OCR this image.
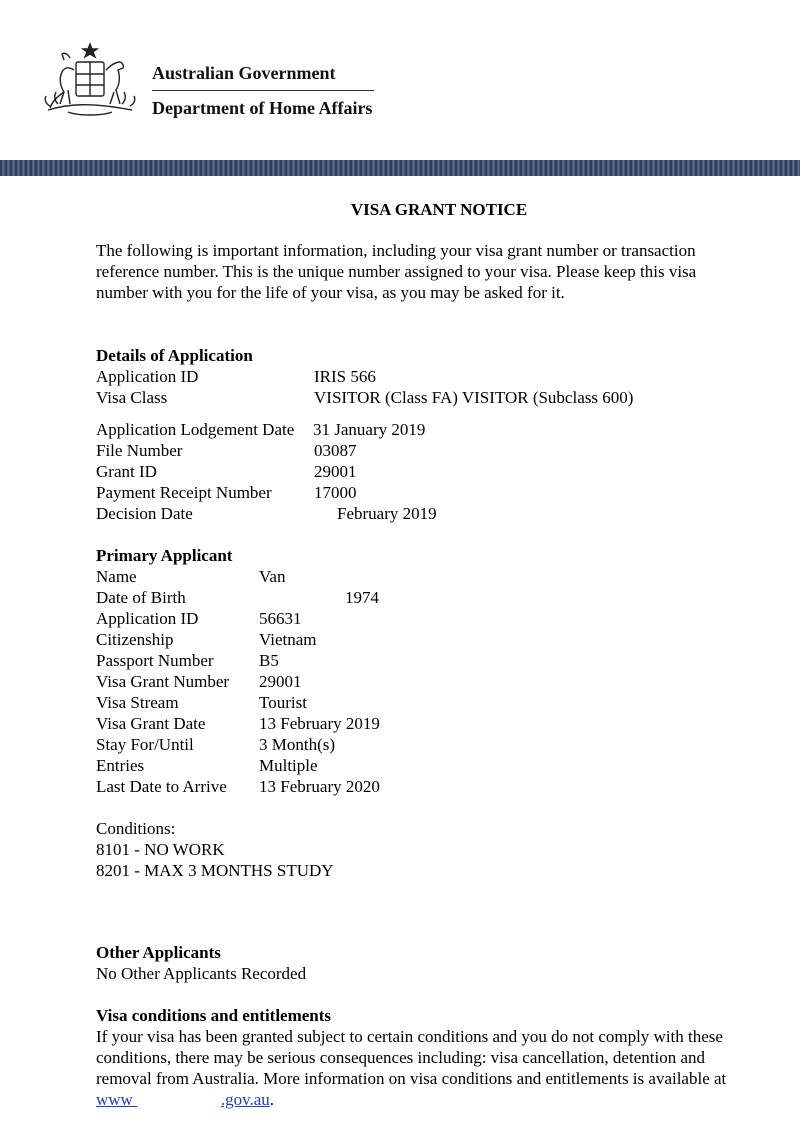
Australian Government
Department of Home Affairs
VISA GRANT NOTICE
The following is important information, including your visa grant number or transaction
reference number. This is the unique number assigned to your visa. Please keep this visa
number with you for the life of your visa, as you may be asked for it.
Details of Application
Application ID	IRIS 566
Visa Class	VISITOR (Class FA) VISITOR (Subclass 600)
Application Lodgement Date 31 January 2019
File Number	03087
Grant ID	29001
Payment Receipt Number 17000
Decision Date	February 2019
Primary Applicant
Name	Van
Date of Birth	1974
Application ID	56631
Citizenship	Vietnam
Passport Number	B5
Visa Grant Number 29001
Visa Stream	Tourist
Visa Grant Date	13 February 2019
Stay For/Until	3 Month(s)
Entries	Multiple
Last Date to Arrive 13 February 2020
Conditions:
8101 - NO WORK
8201 - MAX 3 MONTHS STUDY
Other Applicants
No Other Applicants Recorded
Visa conditions and entitlements
If your visa has been granted subject to certain conditions and you do not comply with these
conditions, there may be serious consequences including: visa cancellation, detention and
removal from Australia. More information on visa conditions and entitlements is available at
www	.gov.au.
